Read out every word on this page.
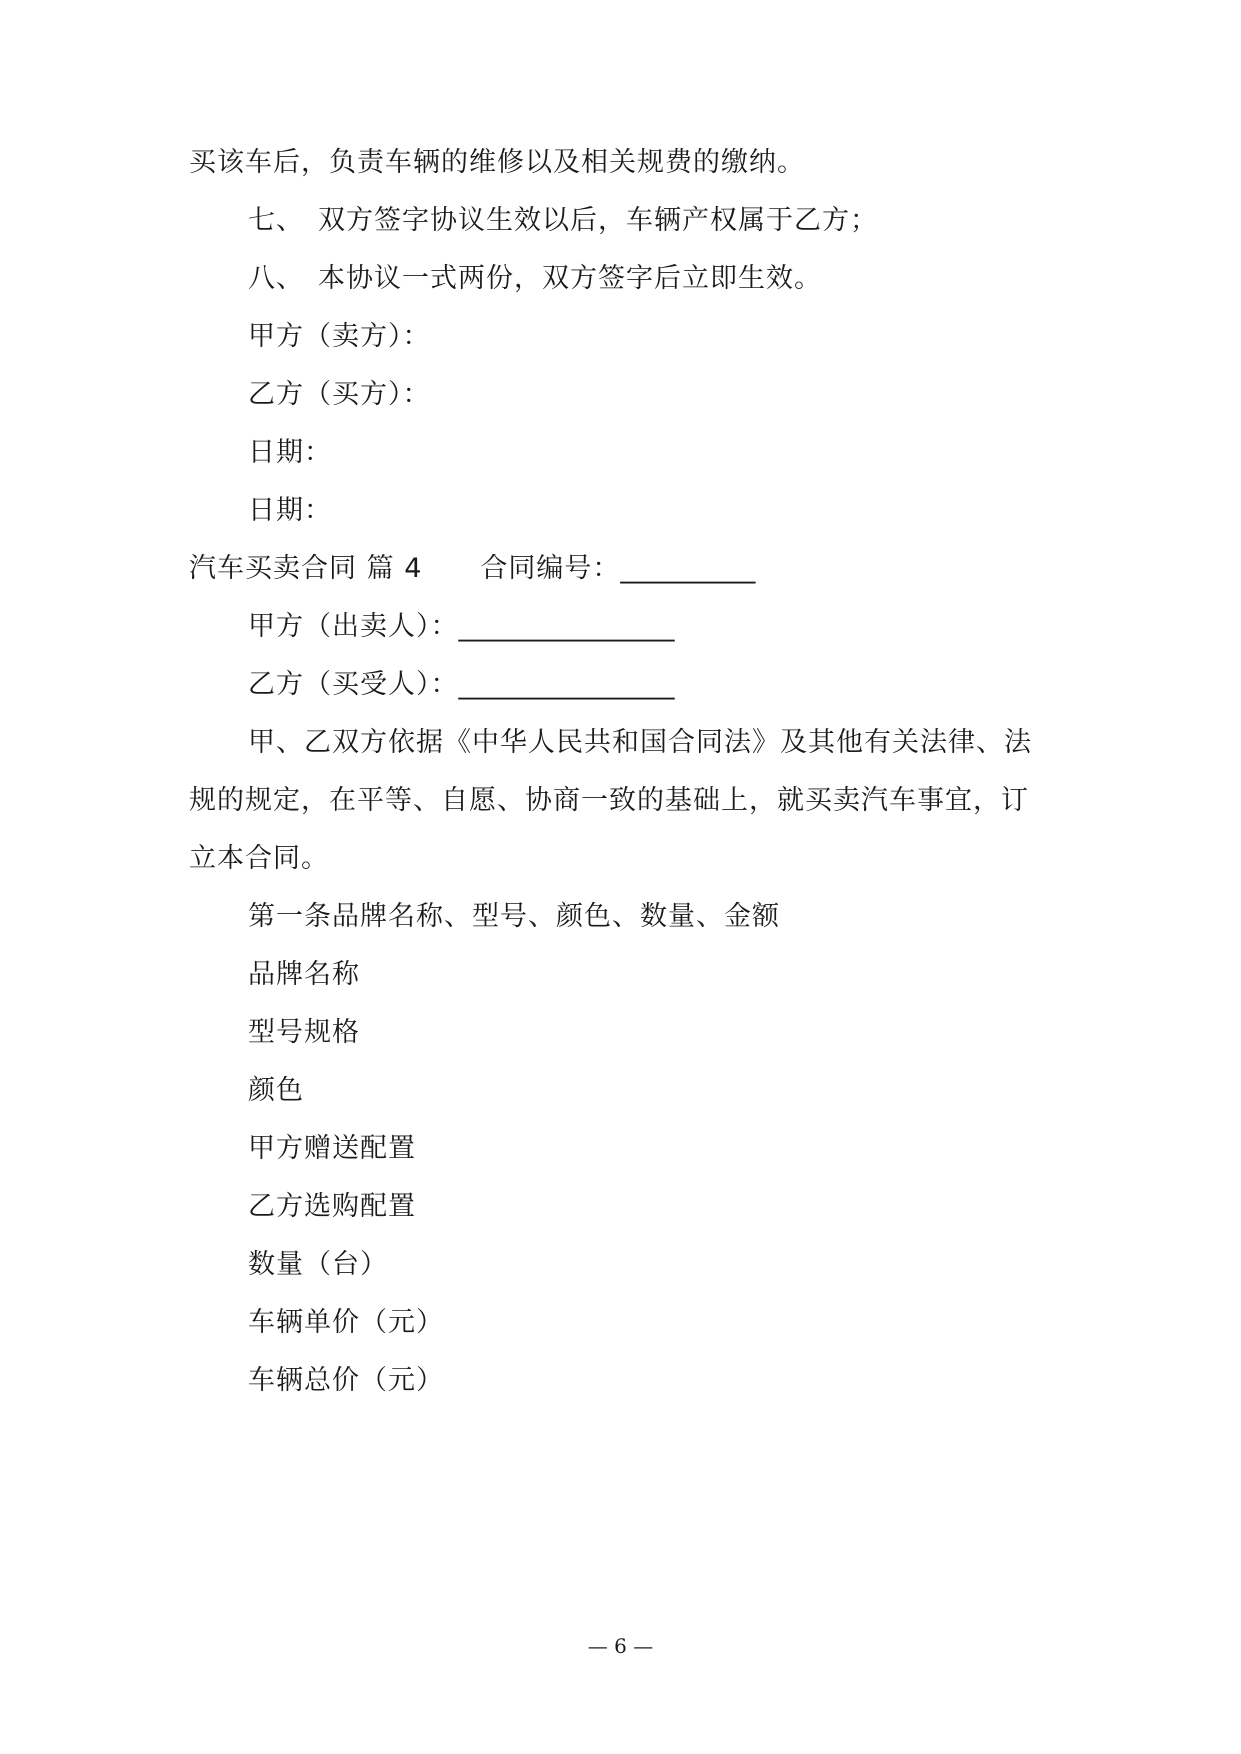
买该车后，负责车辆的维修以及相关规费的缴纳。
七、 双方签字协议生效以后，车辆产权属于乙方；
八、 本协议一式两份，双方签字后立即生效。
甲方（卖方）：
乙方（买方）：
日期：
日期：
汽车买卖合同 篇 4 合同编号：__________
甲方（出卖人）：________________
乙方（买受人）：________________
甲、乙双方依据《中华人民共和国合同法》及其他有关法律、法
规的规定，在平等、自愿、协商一致的基础上，就买卖汽车事宜，订
立本合同。
第一条品牌名称、型号、颜色、数量、金额
品牌名称
型号规格
颜色
甲方赠送配置
乙方选购配置
数量（台）
车辆单价（元）
车辆总价（元）
— 6 —
